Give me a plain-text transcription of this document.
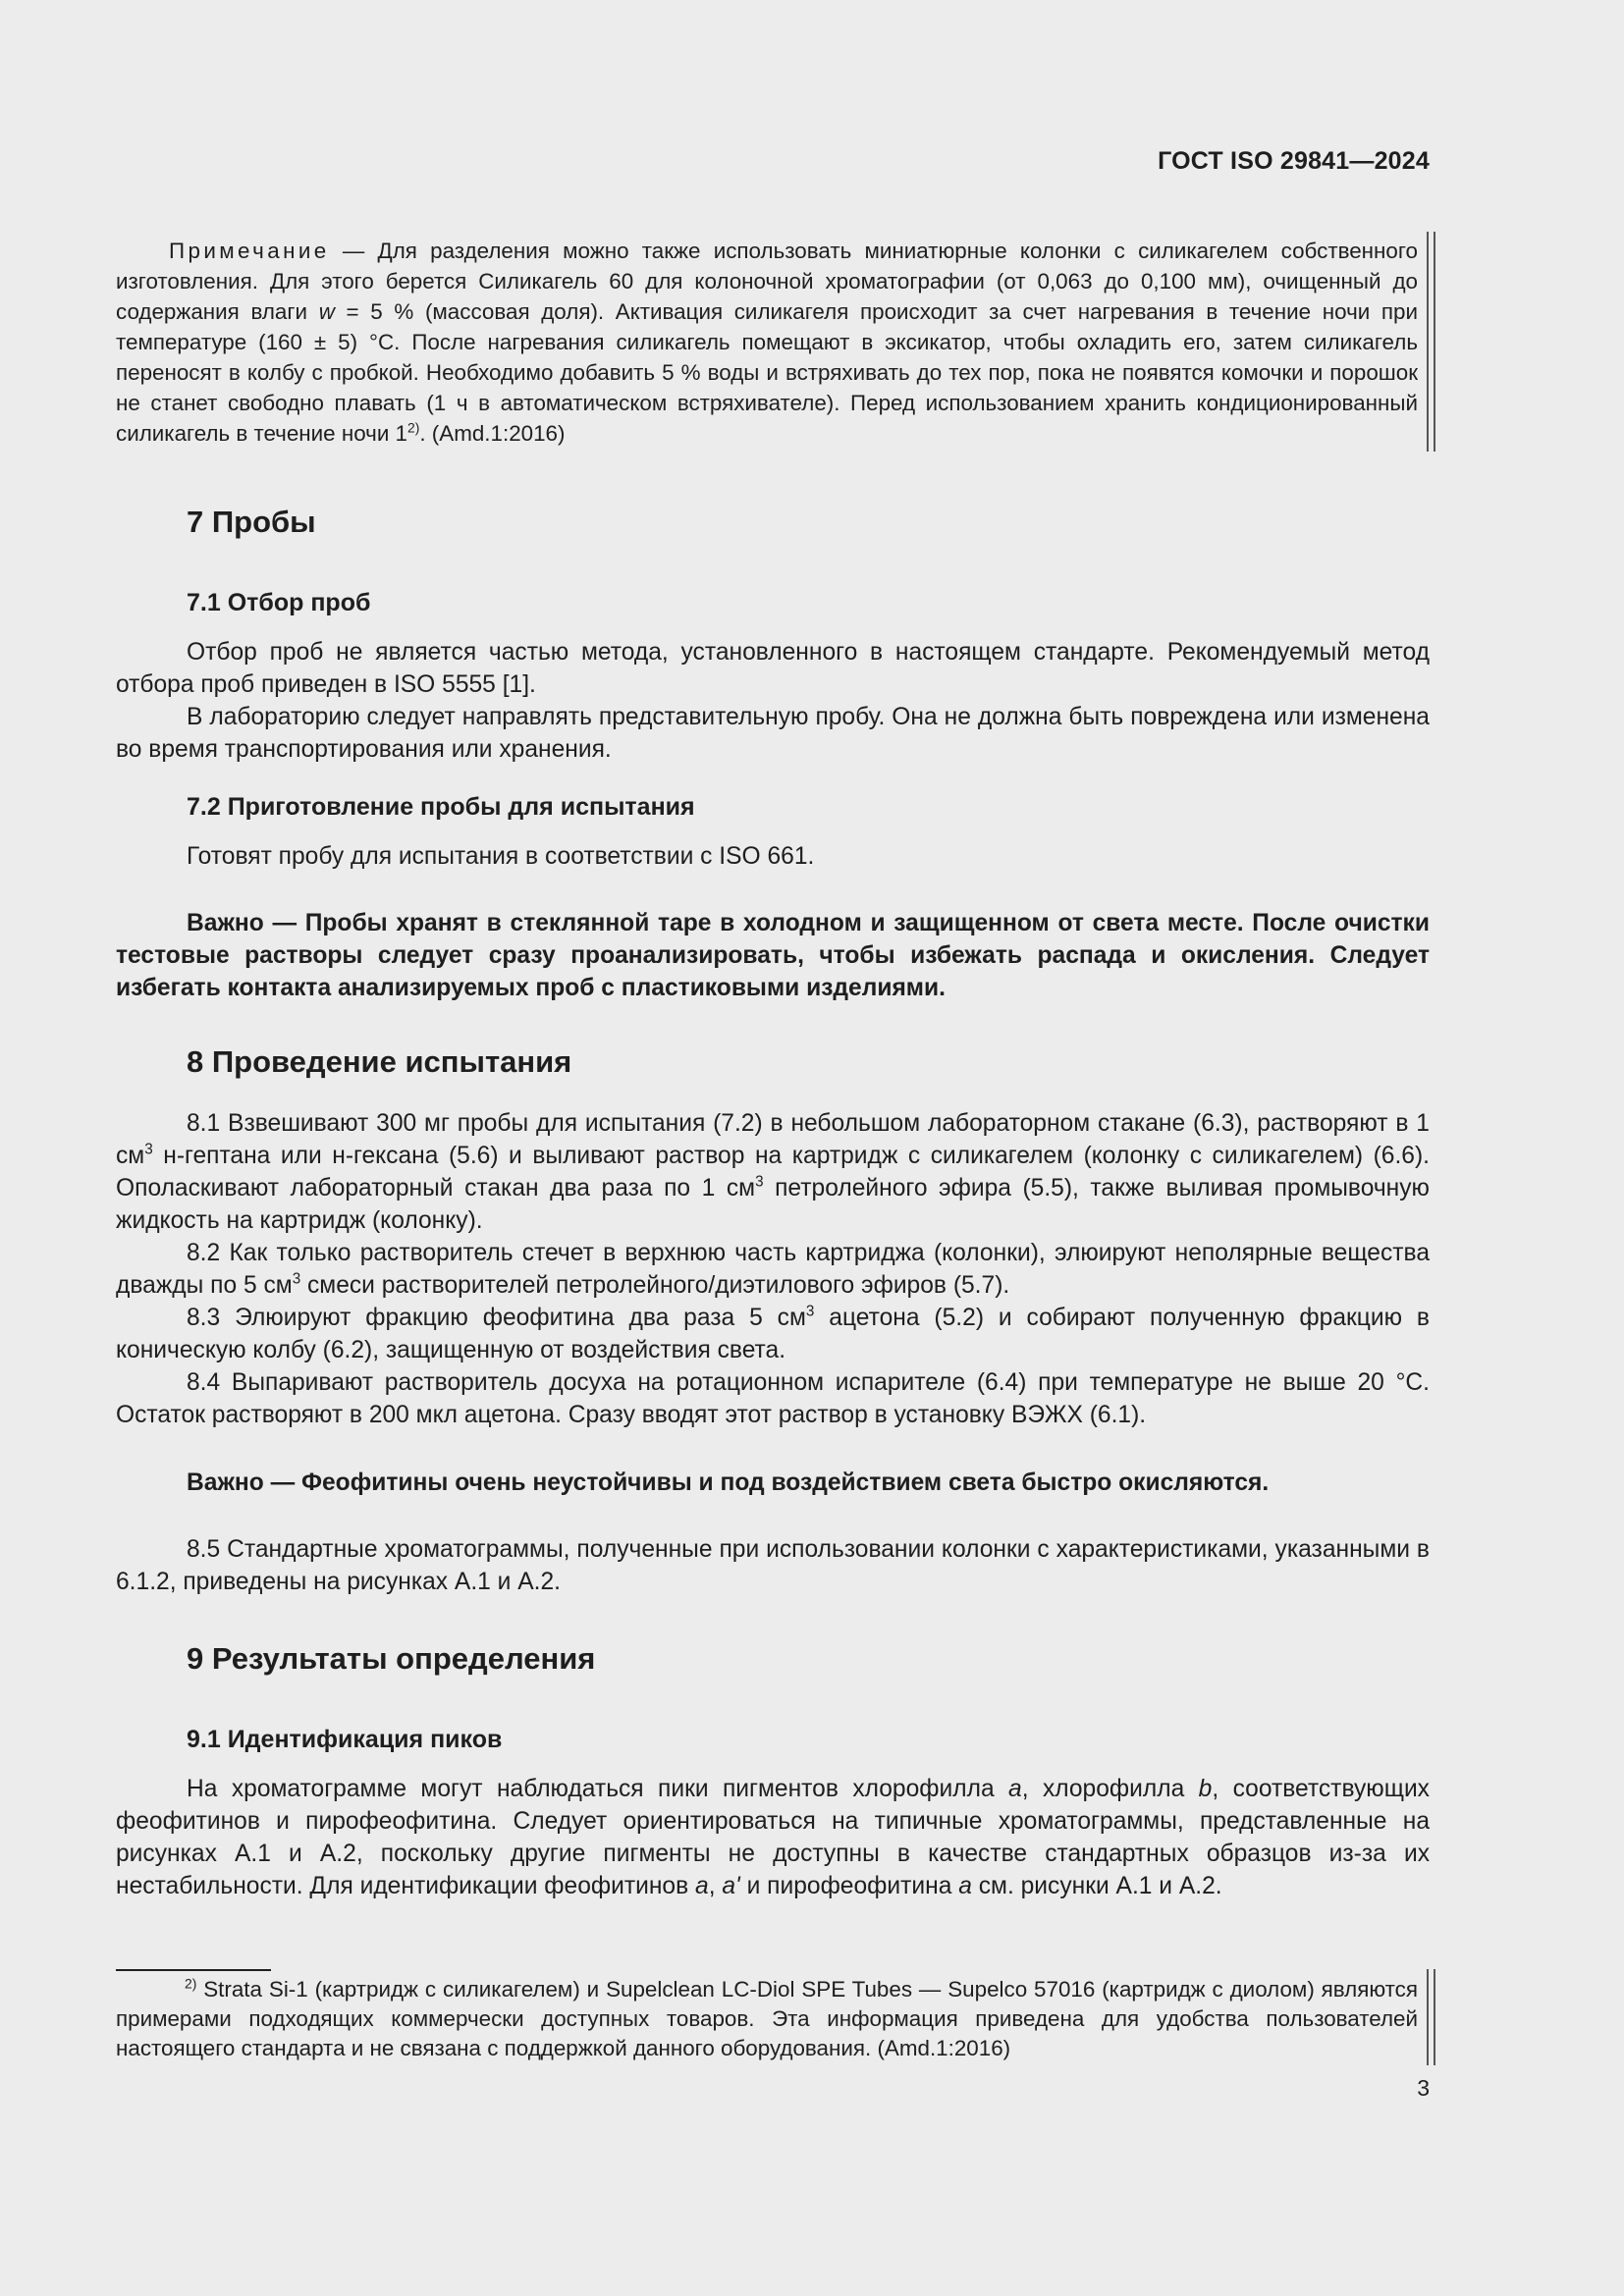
ГОСТ ISO 29841—2024

Примечание — Для разделения можно также использовать миниатюрные колонки с силикагелем собственного изготовления. Для этого берется Силикагель 60 для колоночной хроматографии (от 0,063 до 0,100 мм), очищенный до содержания влаги w = 5 % (массовая доля). Активация силикагеля происходит за счет нагревания в течение ночи при температуре (160 ± 5) °С. После нагревания силикагель помещают в эксикатор, чтобы охладить его, затем силикагель переносят в колбу с пробкой. Необходимо добавить 5 % воды и встряхивать до тех пор, пока не появятся комочки и порошок не станет свободно плавать (1 ч в автоматическом встряхивателе). Перед использованием хранить кондиционированный силикагель в течение ночи 1$^{2)}$. (Amd.1:2016)

7 Пробы
7.1 Отбор проб

Отбор проб не является частью метода, установленного в настоящем стандарте. Рекомендуемый метод отбора проб приведен в ISO 5555 [1].

В лабораторию следует направлять представительную пробу. Она не должна быть повреждена или изменена во время транспортирования или хранения.

7.2 Приготовление пробы для испытания

Готовят пробу для испытания в соответствии с ISO 661.

Важно — Пробы хранят в стеклянной таре в холодном и защищенном от света месте. После очистки тестовые растворы следует сразу проанализировать, чтобы избежать распада и окисления. Следует избегать контакта анализируемых проб с пластиковыми изделиями.

8 Проведение испытания

8.1 Взвешивают 300 мг пробы для испытания (7.2) в небольшом лабораторном стакане (6.3), растворяют в 1 $см^3$ н-гептана или н-гексана (5.6) и выливают раствор на картридж с силикагелем (колонку с силикагелем) (6.6). Ополаскивают лабораторный стакан два раза по 1 $см^3$ петролейного эфира (5.5), также выливая промывочную жидкость на картридж (колонку).

8.2 Как только растворитель стечет в верхнюю часть картриджа (колонки), элюируют неполярные вещества дважды по 5 $см^3$ смеси растворителей петролейного/диэтилового эфиров (5.7).

8.3 Элюируют фракцию феофитина два раза 5 $см^3$ ацетона (5.2) и собирают полученную фракцию в коническую колбу (6.2), защищенную от воздействия света.

8.4 Выпаривают растворитель досуха на ротационном испарителе (6.4) при температуре не выше 20 °С. Остаток растворяют в 200 мкл ацетона. Сразу вводят этот раствор в установку ВЭЖХ (6.1).

Важно — Феофитины очень неустойчивы и под воздействием света быстро окисляются.

8.5 Стандартные хроматограммы, полученные при использовании колонки с характеристиками, указанными в 6.1.2, приведены на рисунках А.1 и А.2.

9 Результаты определения
9.1 Идентификация пиков

На хроматограмме могут наблюдаться пики пигментов хлорофилла a, хлорофилла b, соответствующих феофитинов и пирофеофитина. Следует ориентироваться на типичные хроматограммы, представленные на рисунках А.1 и А.2, поскольку другие пигменты не доступны в качестве стандартных образцов из-за их нестабильности. Для идентификации феофитинов a, a' и пирофеофитина a см. рисунки А.1 и А.2.

$^{2)}$ Strata Si-1 (картридж с силикагелем) и Supelclean LC-Diol SPE Tubes — Supelco 57016 (картридж с диолом) являются примерами подходящих коммерчески доступных товаров. Эта информация приведена для удобства пользователей настоящего стандарта и не связана с поддержкой данного оборудования. (Amd.1:2016)

3
